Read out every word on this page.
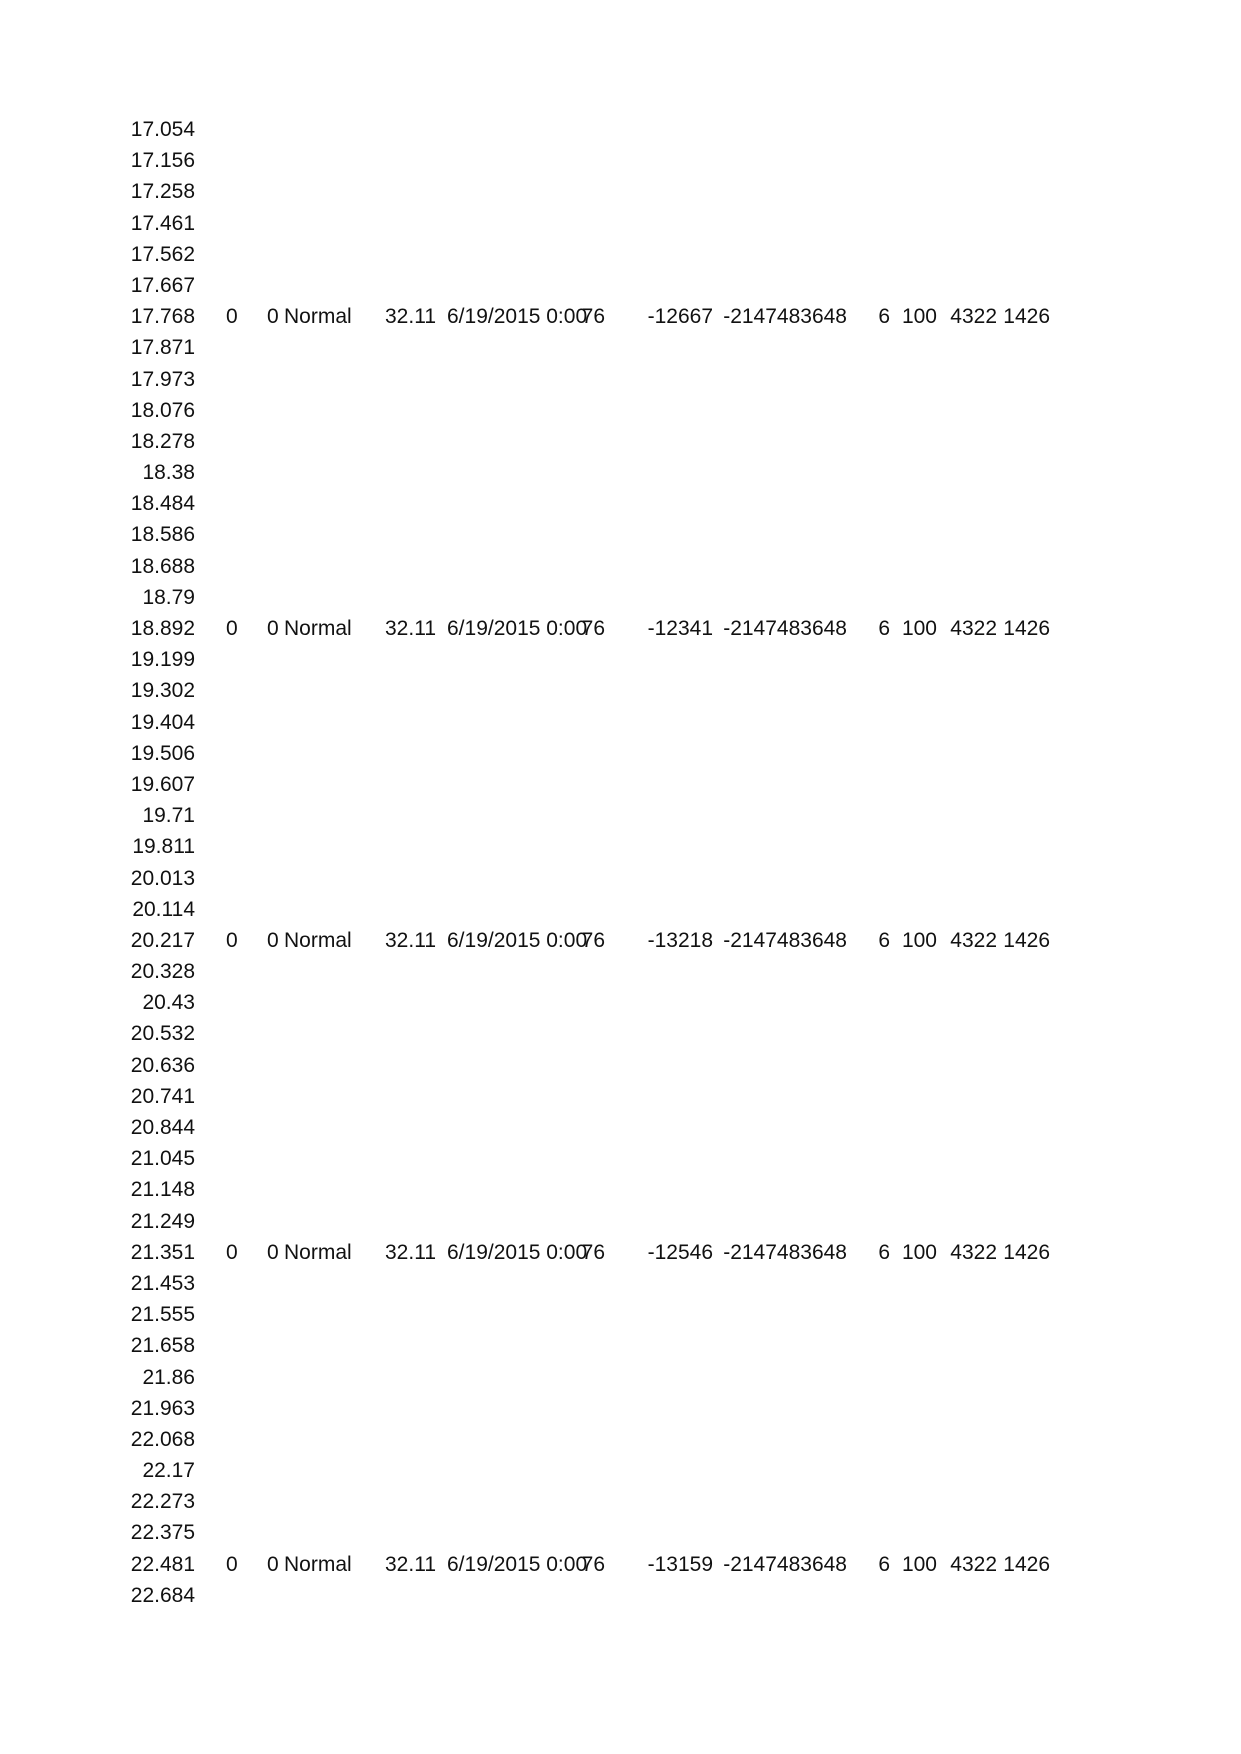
17.054
17.156
17.258
17.461
17.562
17.667
17.768 0 0 Normal 32.11 6/19/2015 0:00
76 -12667 -2147483648 6 100 4322 1426
17.871
17.973
18.076
18.278
18.38
18.484
18.586
18.688
18.79
18.892 0 0 Normal 32.11 6/19/2015 0:00
76 -12341 -2147483648 6 100 4322 1426
19.199
19.302
19.404
19.506
19.607
19.71
19.811
20.013
20.114
20.217 0 0 Normal 32.11 6/19/2015 0:00
76 -13218 -2147483648 6 100 4322 1426
20.328
20.43
20.532
20.636
20.741
20.844
21.045
21.148
21.249
21.351 0 0 Normal 32.11 6/19/2015 0:00
76 -12546 -2147483648 6 100 4322 1426
21.453
21.555
21.658
21.86
21.963
22.068
22.17
22.273
22.375
22.481 0 0 Normal 32.11 6/19/2015 0:00
76 -13159 -2147483648 6 100 4322 1426
22.684
